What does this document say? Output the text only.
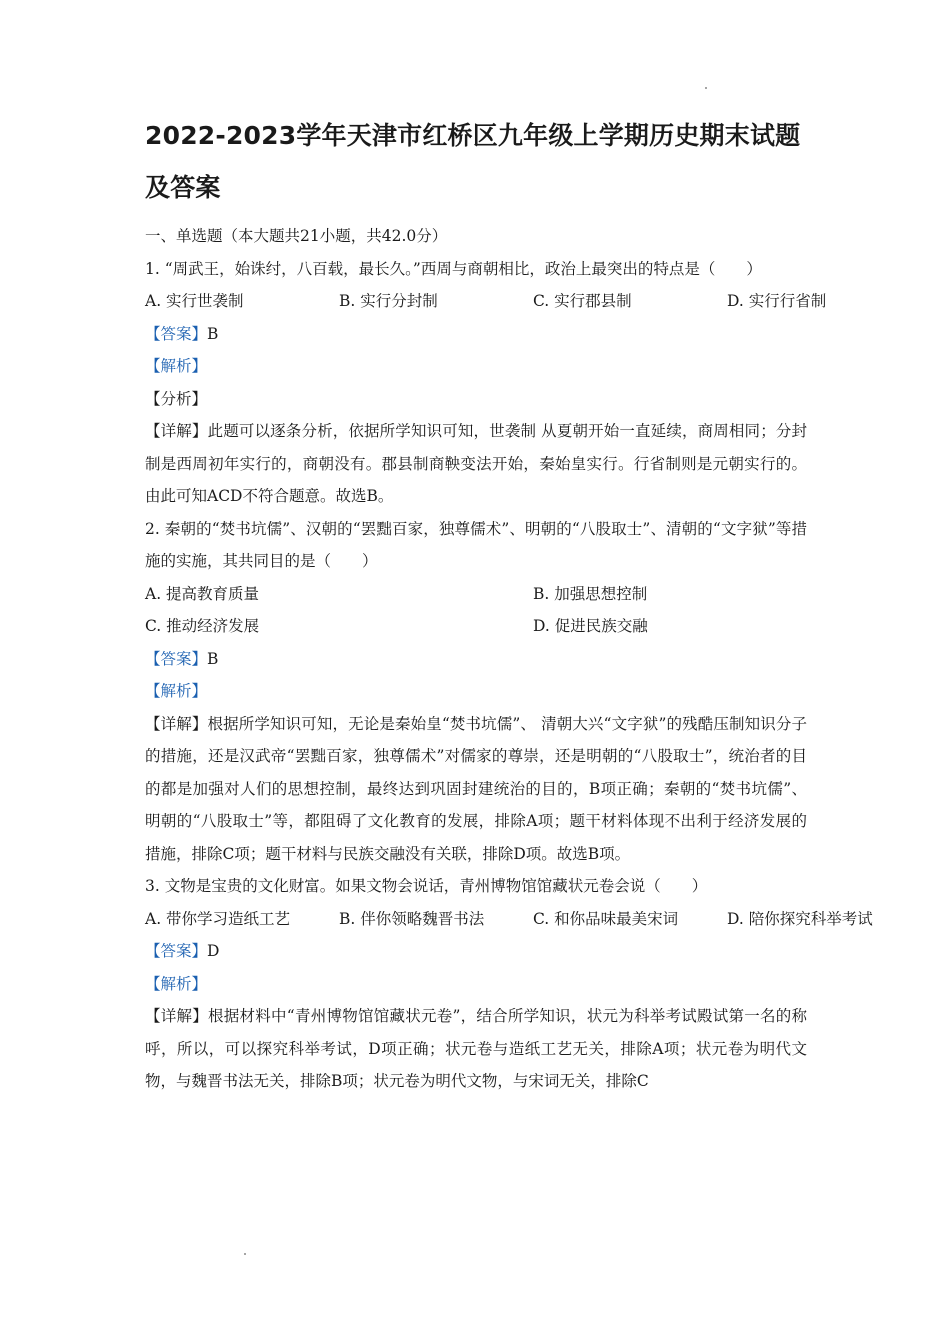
2022-2023学年天津市红桥区九年级上学期历史期末试题及答案
一、单选题（本大题共21小题，共42.0分）
1. “周武王，始诛纣，八百载，最长久。”西周与商朝相比，政治上最突出的特点是（　　）
A. 实行世袭制	B. 实行分封制	C. 实行郡县制	D. 实行行省制
【答案】B
【解析】
【分析】
【详解】此题可以逐条分析，依据所学知识可知，世袭制 从夏朝开始一直延续，商周相同；分封制是西周初年实行的，商朝没有。郡县制商鞅变法开始，秦始皇实行。行省制则是元朝实行的。由此可知ACD不符合题意。故选B。
2. 秦朝的“焚书坑儒”、汉朝的“罢黜百家，独尊儒术”、明朝的“八股取士”、清朝的“文字狱”等措施的实施，其共同目的是（　　）
A. 提高教育质量	B. 加强思想控制
C. 推动经济发展	D. 促进民族交融
【答案】B
【解析】
【详解】根据所学知识可知，无论是秦始皇“焚书坑儒”、 清朝大兴“文字狱”的残酷压制知识分子的措施，还是汉武帝“罢黜百家，独尊儒术”对儒家的尊崇，还是明朝的“八股取士”，统治者的目的都是加强对人们的思想控制，最终达到巩固封建统治的目的，B项正确；秦朝的“焚书坑儒”、明朝的“八股取士”等，都阻碍了文化教育的发展，排除A项；题干材料体现不出利于经济发展的措施，排除C项；题干材料与民族交融没有关联，排除D项。故选B项。
3. 文物是宝贵的文化财富。如果文物会说话，青州博物馆馆藏状元卷会说（　　）
A. 带你学习造纸工艺	B. 伴你领略魏晋书法	C. 和你品味最美宋词	D. 陪你探究科举考试
【答案】D
【解析】
【详解】根据材料中“青州博物馆馆藏状元卷”，结合所学知识，状元为科举考试殿试第一名的称呼，所以，可以探究科举考试，D项正确；状元卷与造纸工艺无关，排除A项；状元卷为明代文物，与魏晋书法无关，排除B项；状元卷为明代文物，与宋词无关，排除C
